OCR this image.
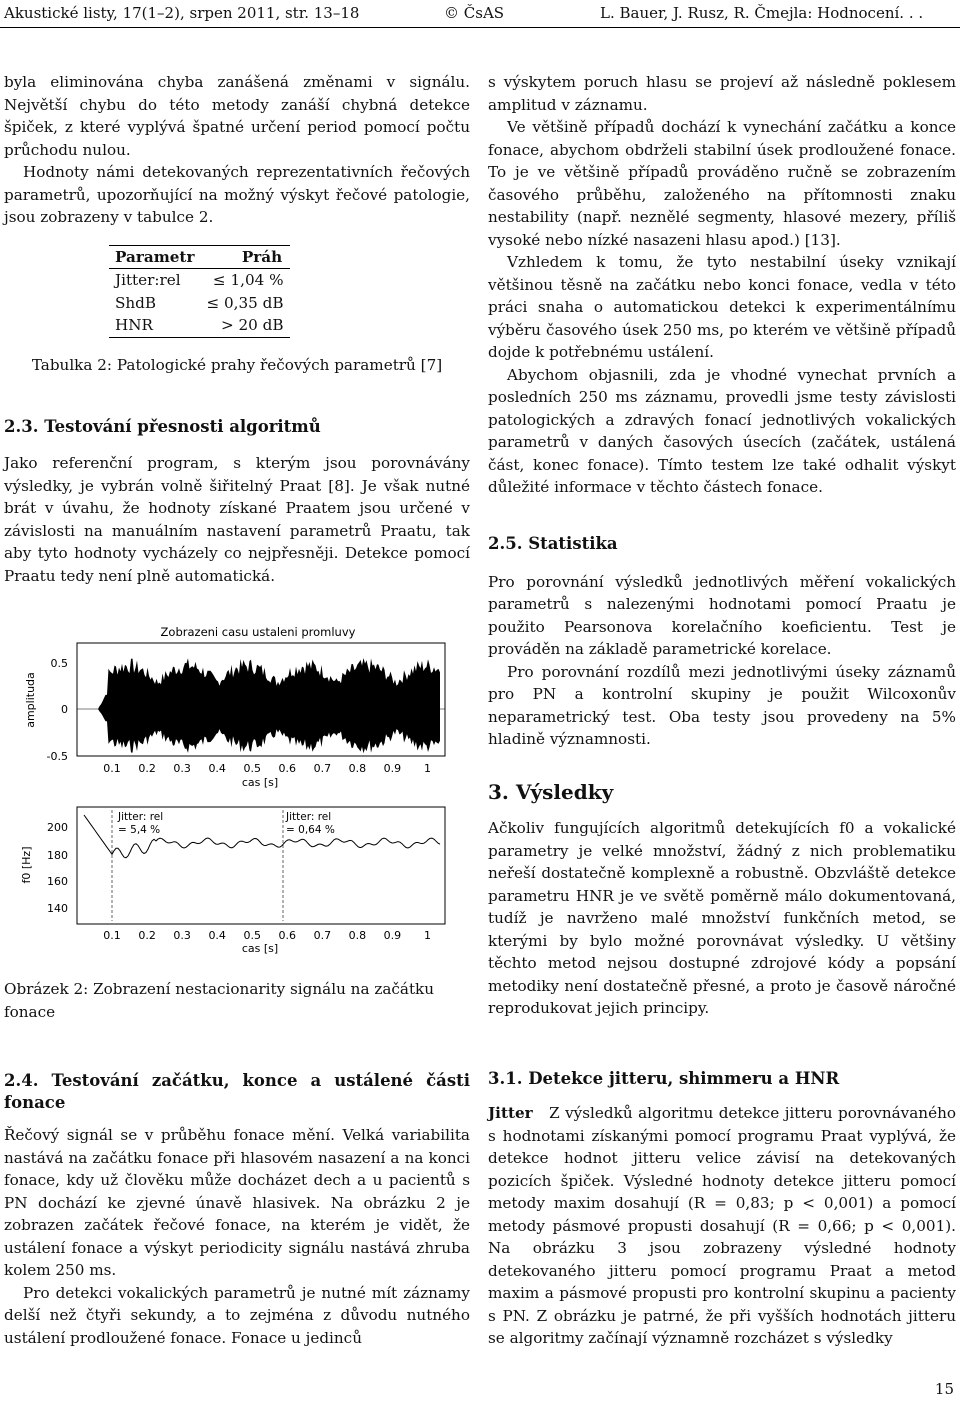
Akustické listy, 17(1–2), srpen 2011, str. 13–18	© ČsAS	L. Bauer, J. Rusz, R. Čmejla: Hodnocení. . .

byla eliminována chyba zanášená změnami v signálu. Největší chybu do této metody zanáší chybná detekce špiček, z které vyplývá špatné určení period pomocí počtu průchodu nulou.

Hodnoty námi detekovaných reprezentativních řečových parametrů, upozorňující na možný výskyt řečové patologie, jsou zobrazeny v tabulce 2.

Parametr	Práh
Jitter:rel	≤ 1,04 %
ShdB	≤ 0,35 dB
HNR	> 20 dB

Tabulka 2: Patologické prahy řečových parametrů [7]

2.3. Testování přesnosti algoritmů

Jako referenční program, s kterým jsou porovnávány výsledky, je vybrán volně šiřitelný Praat [8]. Je však nutné brát v úvahu, že hodnoty získané Praatem jsou určené v závislosti na manuálním nastavení parametrů Praatu, tak aby tyto hodnoty vycházely co nejpřesněji. Detekce pomocí Praatu tedy není plně automatická.

Zobrazeni casu ustaleni promluvy
amplituda
0.5
0
-0.5
0.1 0.2 0.3 0.4 0.5 0.6 0.7 0.8 0.9 1
cas [s]
Jitter: rel
= 5,4 %
Jitter: rel
= 0,64 %
f0 [Hz]
200
180
160
140
0.1 0.2 0.3 0.4 0.5 0.6 0.7 0.8 0.9 1
cas [s]

Obrázek 2: Zobrazení nestacionarity signálu na začátku fonace

2.4. Testování začátku, konce a ustálené části fonace

Řečový signál se v průběhu fonace mění. Velká variabilita nastává na začátku fonace při hlasovém nasazení a na konci fonace, kdy už člověku může docházet dech a u pacientů s PN dochází ke zjevné únavě hlasivek. Na obrázku 2 je zobrazen začátek řečové fonace, na kterém je vidět, že ustálení fonace a výskyt periodicity signálu nastává zhruba kolem 250 ms.

Pro detekci vokalických parametrů je nutné mít záznamy delší než čtyři sekundy, a to zejména z důvodu nutného ustálení prodloužené fonace. Fonace u jedinců

s výskytem poruch hlasu se projeví až následně poklesem amplitud v záznamu.

Ve většině případů dochází k vynechání začátku a konce fonace, abychom obdrželi stabilní úsek prodloužené fonace. To je ve většině případů prováděno ručně se zobrazením časového průběhu, založeného na přítomnosti znaku nestability (např. neznělé segmenty, hlasové mezery, příliš vysoké nebo nízké nasazeni hlasu apod.) [13].

Vzhledem k tomu, že tyto nestabilní úseky vznikají většinou těsně na začátku nebo konci fonace, vedla v této práci snaha o automatickou detekci k experimentálnímu výběru časového úsek 250 ms, po kterém ve většině případů dojde k potřebnému ustálení.

Abychom objasnili, zda je vhodné vynechat prvních a posledních 250 ms záznamu, provedli jsme testy závislosti patologických a zdravých fonací jednotlivých vokalických parametrů v daných časových úsecích (začátek, ustálená část, konec fonace). Tímto testem lze také odhalit výskyt důležité informace v těchto částech fonace.

2.5. Statistika

Pro porovnání výsledků jednotlivých měření vokalických parametrů s nalezenými hodnotami pomocí Praatu je použito Pearsonova korelačního koeficientu. Test je prováděn na základě parametrické korelace.

Pro porovnání rozdílů mezi jednotlivými úseky záznamů pro PN a kontrolní skupiny je použit Wilcoxonův neparametrický test. Oba testy jsou provedeny na 5% hladině významnosti.

3. Výsledky

Ačkoliv fungujících algoritmů detekujících f0 a vokalické parametry je velké množství, žádný z nich problematiku neřeší dostatečně komplexně a robustně. Obzvláště detekce parametru HNR je ve světě poměrně málo dokumentovaná, tudíž je navrženo malé množství funkčních metod, se kterými by bylo možné porovnávat výsledky. U většiny těchto metod nejsou dostupné zdrojové kódy a popsání metodiky není dostatečně přesné, a proto je časově náročné reprodukovat jejich principy.

3.1. Detekce jitteru, shimmeru a HNR

Jitter Z výsledků algoritmu detekce jitteru porovnávaného s hodnotami získanými pomocí programu Praat vyplývá, že detekce hodnot jitteru velice závisí na detekovaných pozicích špiček. Výsledné hodnoty detekce jitteru pomocí metody maxim dosahují (R = 0,83; p < 0,001) a pomocí metody pásmové propusti dosahují (R = 0,66; p < 0,001). Na obrázku 3 jsou zobrazeny výsledné hodnoty detekovaného jitteru pomocí programu Praat a metod maxim a pásmové propusti pro kontrolní skupinu a pacienty s PN. Z obrázku je patrné, že při vyšších hodnotách jitteru se algoritmy začínají významně rozcházet s výsledky

15
